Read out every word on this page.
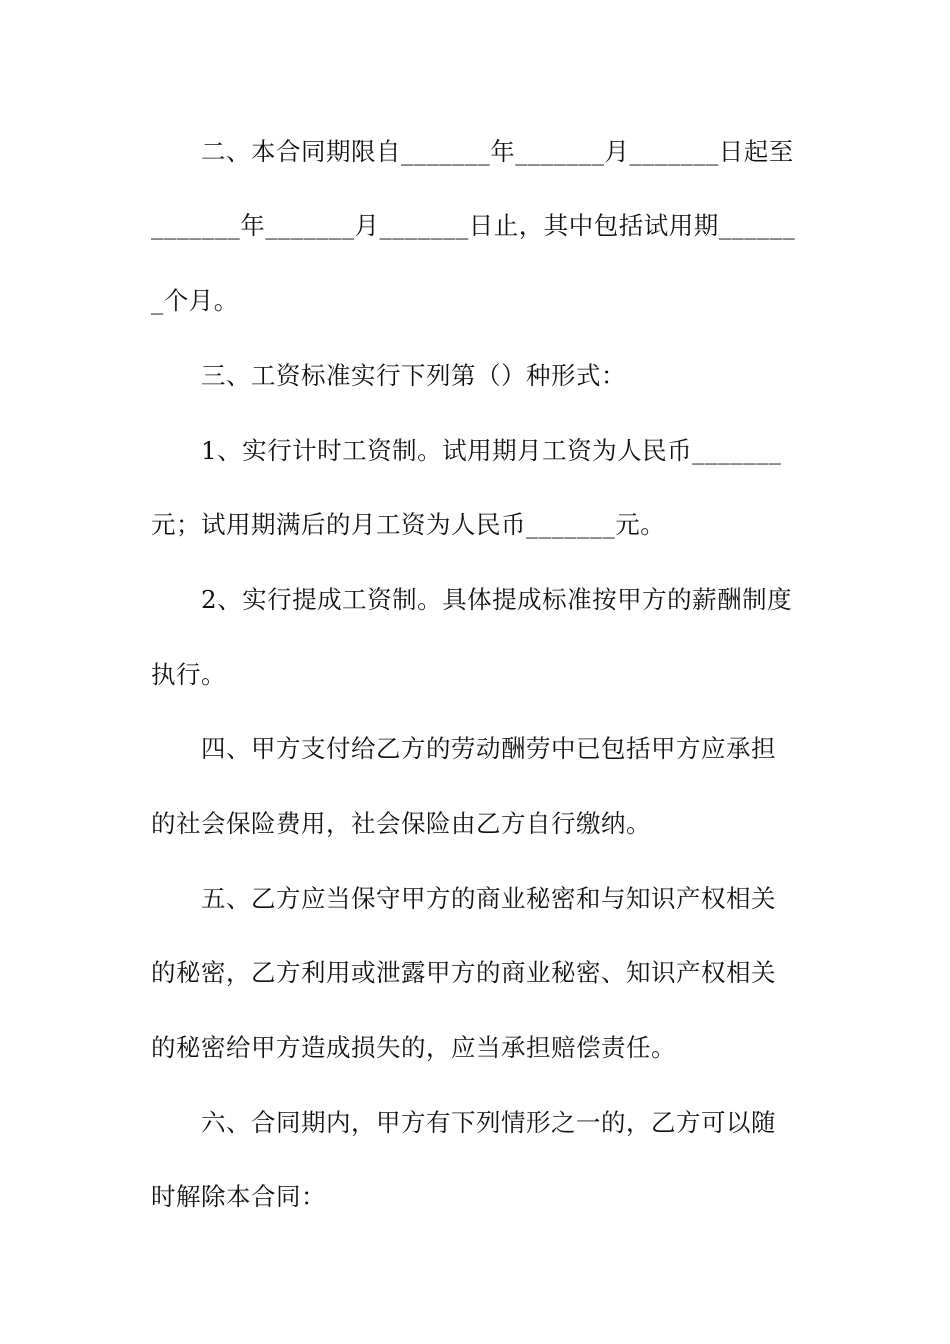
二、本合同期限自_______年_______月_______日起至
_______年_______月_______日止，其中包括试用期______
_个月。
三、工资标准实行下列第（）种形式：
1、实行计时工资制。试用期月工资为人民币_______
元；试用期满后的月工资为人民币_______元。
2、实行提成工资制。具体提成标准按甲方的薪酬制度
执行。
四、甲方支付给乙方的劳动酬劳中已包括甲方应承担
的社会保险费用，社会保险由乙方自行缴纳。
五、乙方应当保守甲方的商业秘密和与知识产权相关
的秘密，乙方利用或泄露甲方的商业秘密、知识产权相关
的秘密给甲方造成损失的，应当承担赔偿责任。
六、合同期内，甲方有下列情形之一的，乙方可以随
时解除本合同：
